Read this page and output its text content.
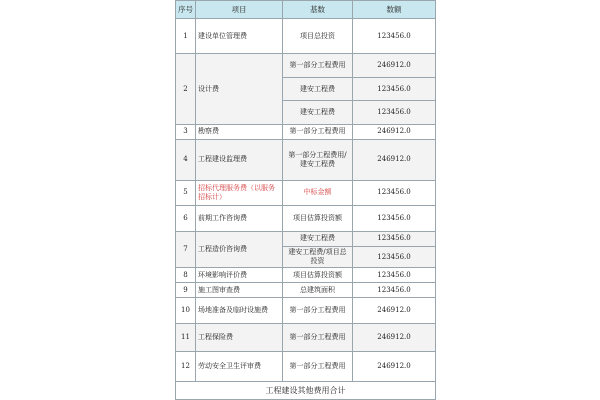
序号	项目	基数	数额
1	建设单位管理费	项目总投资	123456.0
2	设计费	第一部分工程费用	246912.0
		建安工程费	123456.0
		建安工程费	123456.0
3	勘察费	第一部分工程费用	246912.0
4	工程建设监理费	第一部分工程费用/建安工程费	246912.0
5	招标代理服务费（以服务招标计）	中标金额	123456.0
6	前期工作咨询费	项目估算投资额	123456.0
7	工程造价咨询费	建安工程费	123456.0
		建安工程费/项目总投资	123456.0
8	环境影响评价费	项目估算投资额	123456.0
9	施工图审查费	总建筑面积	123456.0
10	场地准备及临时设施费	第一部分工程费用	246912.0
11	工程保险费	第一部分工程费用	246912.0
12	劳动安全卫生评审费	第一部分工程费用	246912.0
工程建设其他费用合计			
